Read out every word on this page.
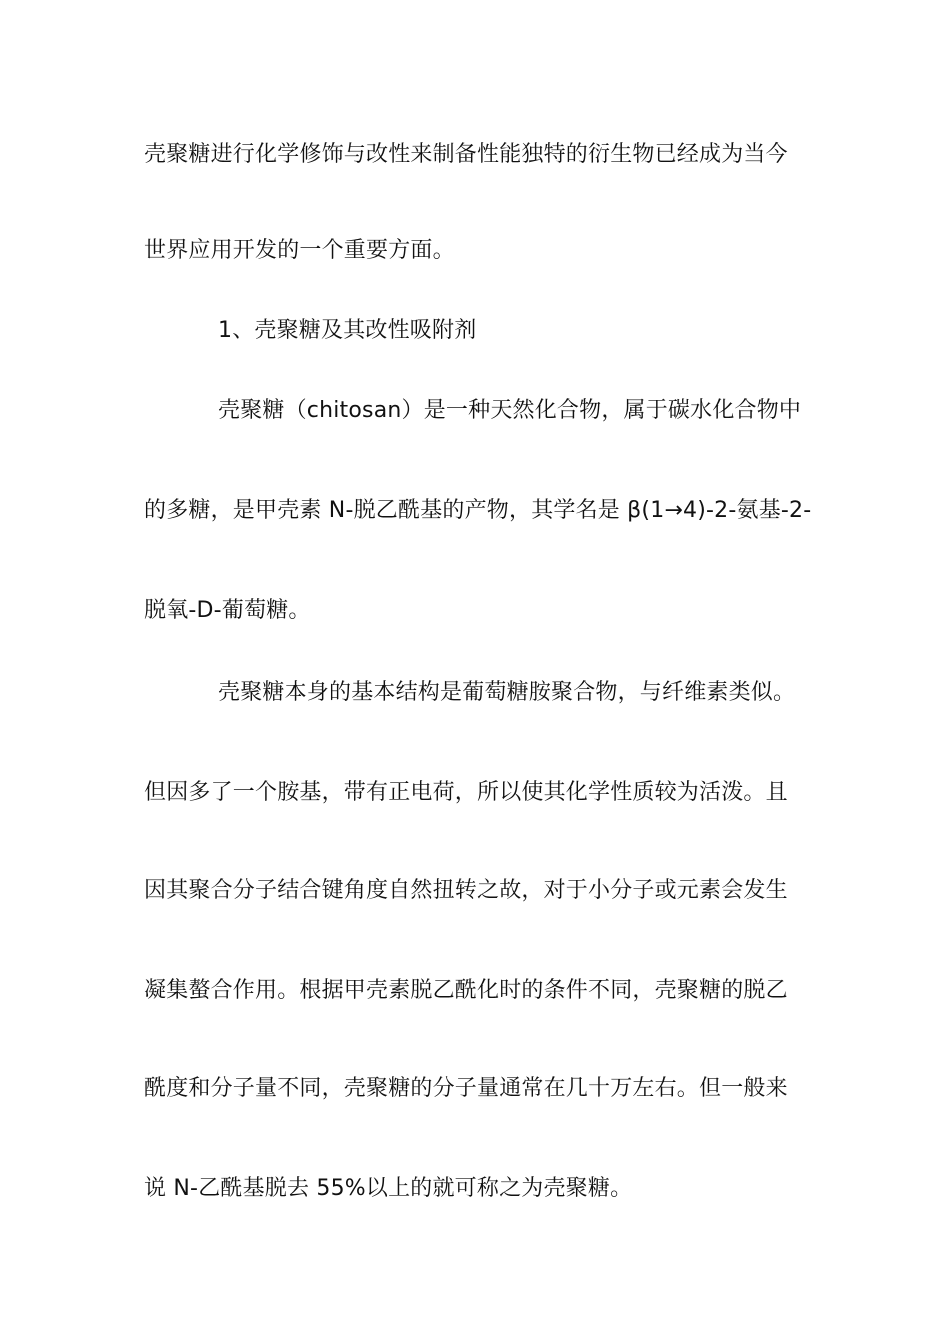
壳聚糖进行化学修饰与改性来制备性能独特的衍生物已经成为当今
世界应用开发的一个重要方面。
1、壳聚糖及其改性吸附剂
壳聚糖（chitosan）是一种天然化合物，属于碳水化合物中
的多糖，是甲壳素 N-脱乙酰基的产物，其学名是 β(1→4)-2-氨基-2-
脱氧-D-葡萄糖。
壳聚糖本身的基本结构是葡萄糖胺聚合物，与纤维素类似。
但因多了一个胺基，带有正电荷，所以使其化学性质较为活泼。且
因其聚合分子结合键角度自然扭转之故，对于小分子或元素会发生
凝集螯合作用。根据甲壳素脱乙酰化时的条件不同，壳聚糖的脱乙
酰度和分子量不同，壳聚糖的分子量通常在几十万左右。但一般来
说 N-乙酰基脱去 55%以上的就可称之为壳聚糖。
